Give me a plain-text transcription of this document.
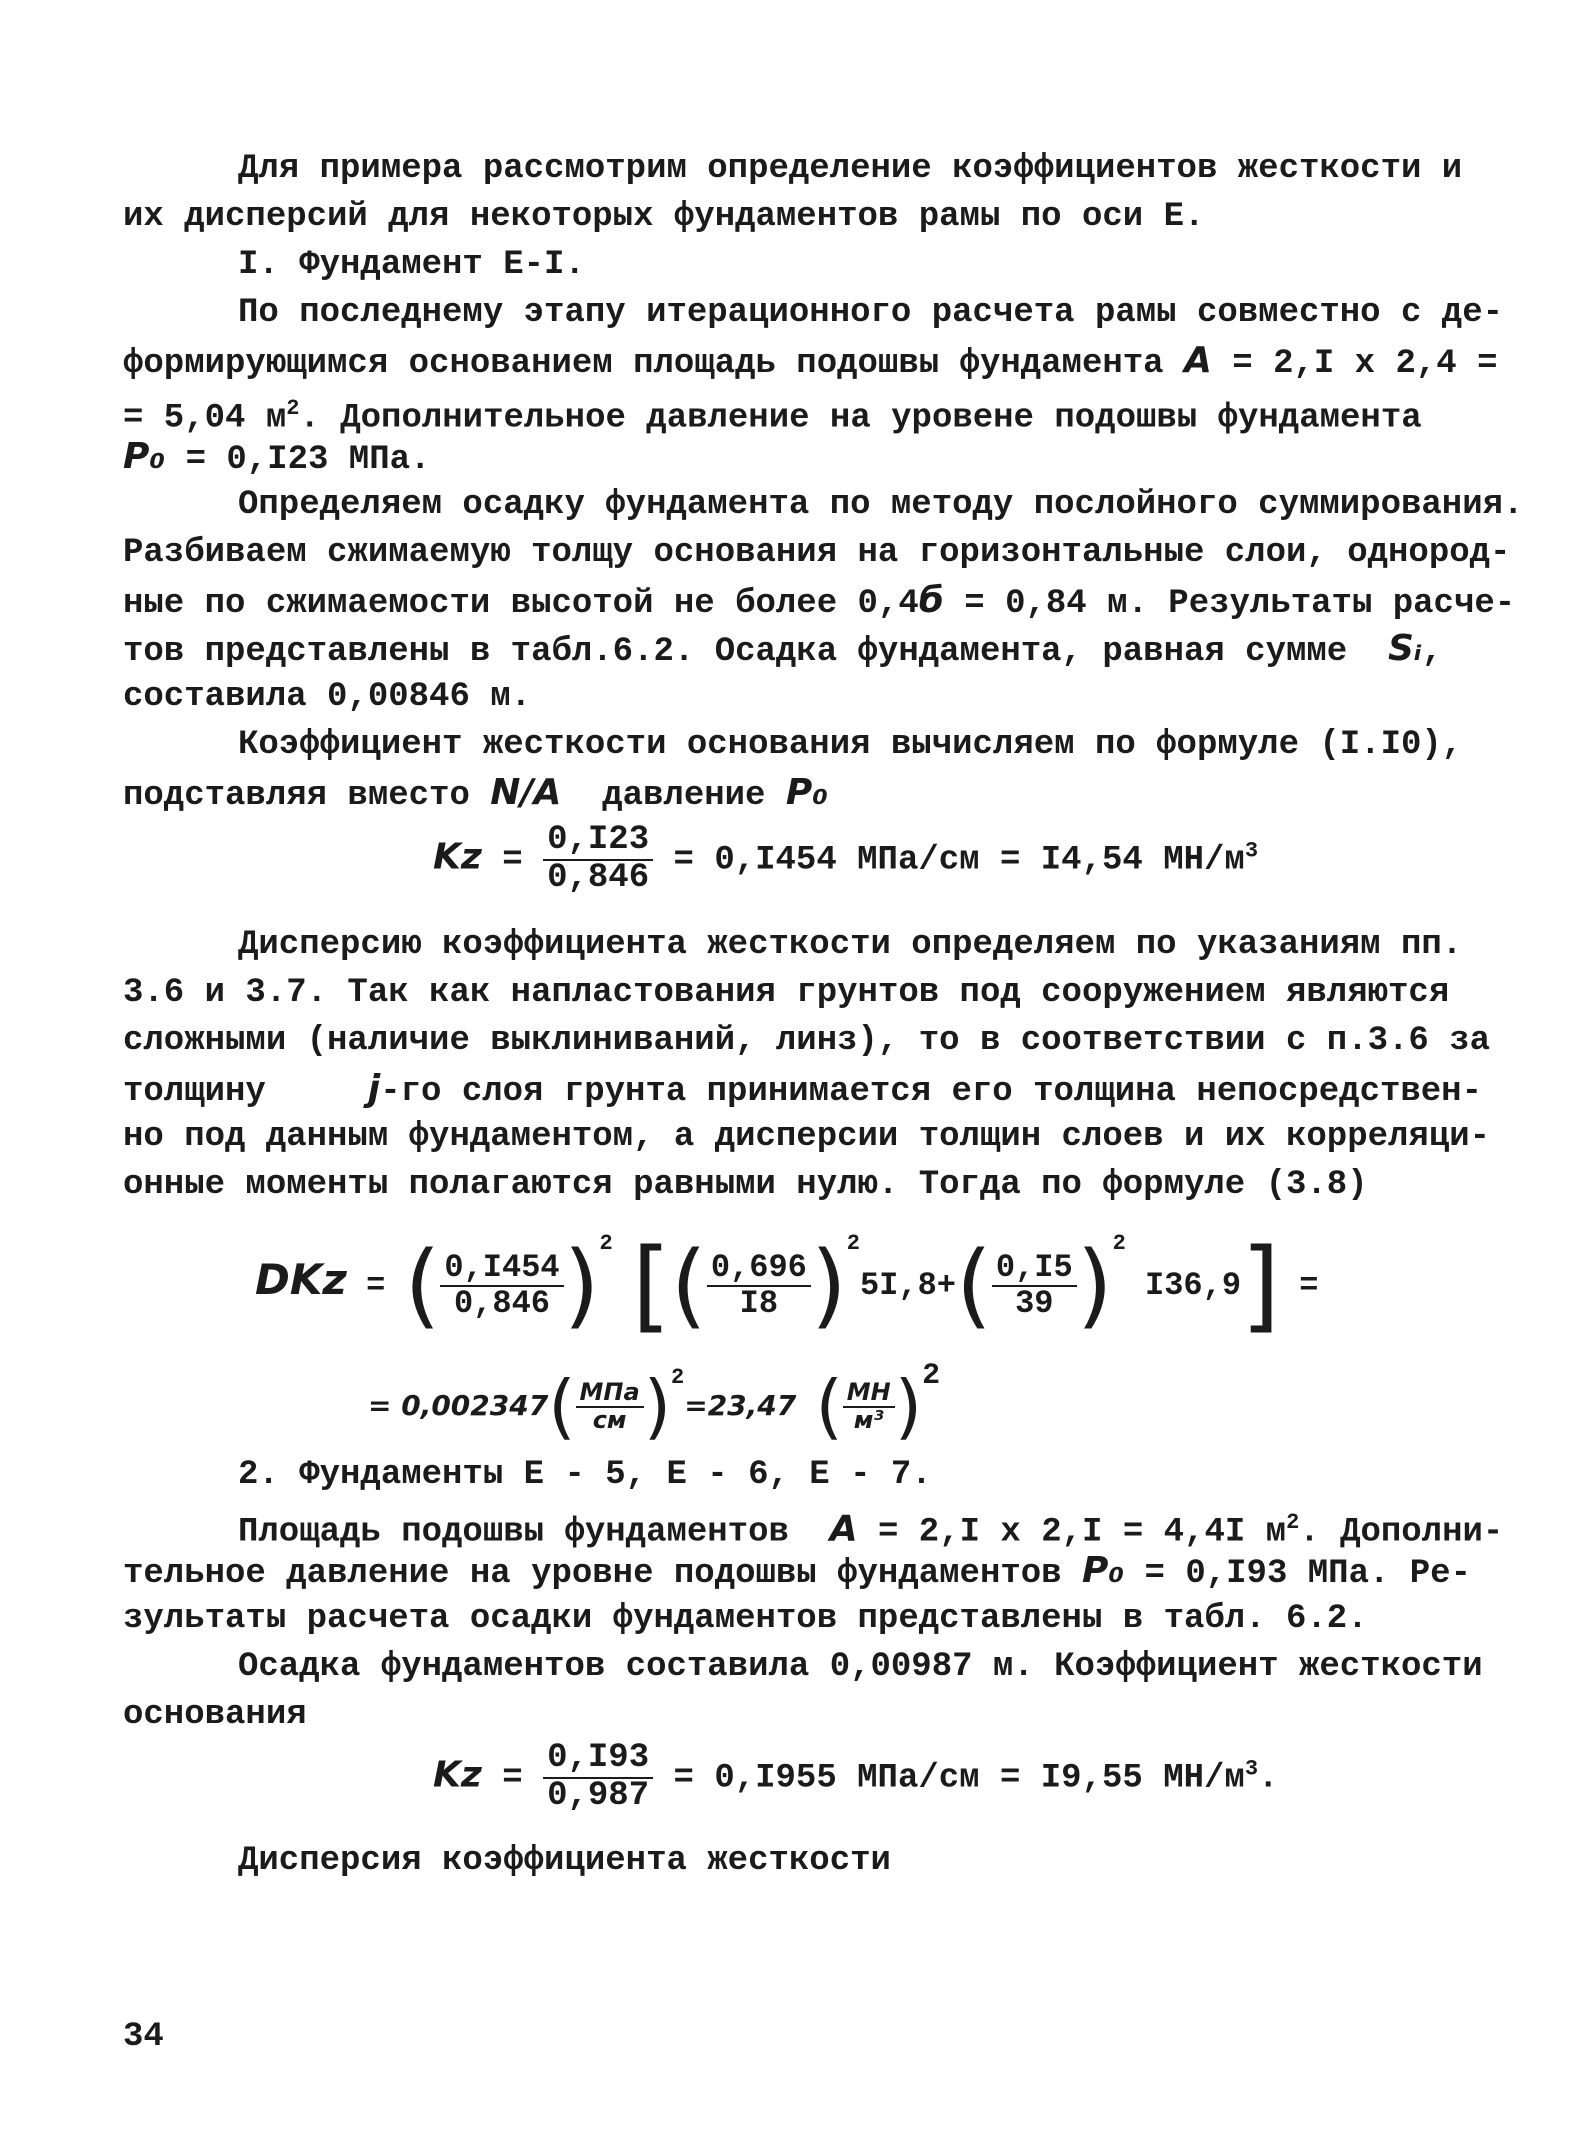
Для примера рассмотрим определение коэффициентов жесткости и
их дисперсий для некоторых фундаментов рамы по оси Е.
I. Фундамент Е-I.
По последнему этапу итерационного расчета рамы совместно с де-
формирующимся основанием площадь подошвы фундамента A = 2,I x 2,4 =
= 5,04 $м^2$. Дополнительное давление на уровене подошвы фундамента
P₀ = 0,I23 МПа.
Определяем осадку фундамента по методу послойного суммирования.
Разбиваем сжимаемую толщу основания на горизонтальные слои, однород-
ные по сжимаемости высотой не более 0,4б = 0,84 м. Результаты расче-
тов представлены в табл.6.2. Осадка фундамента, равная сумме Sᵢ,
составила 0,00846 м.
Коэффициент жесткости основания вычисляем по формуле (I.I0),
подставляя вместо N/A давление P₀
$Kz = \frac{0,I23}{0,846} = 0,I454$ МПа/см = I4,54 $МН/м^3$
Дисперсию коэффициента жесткости определяем по указаниям пп.
3.6 и 3.7. Так как напластования грунтов под сооружением являются
сложными (наличие выклиниваний, линз), то в соответствии с п.3.6 за
толщину	j-го слоя грунта принимается его толщина непосредствен-
но под данным фундаментом, а дисперсии толщин слоев и их корреляци-
онные моменты полагаются равными нулю. Тогда по формуле (3.8)
DKz = ( $\frac{0,I454}{0,846} )^2$ [( $\frac{0,696}{I8} )^25I,8+( \frac{0,I5}{39} )^2$ I36,9] =
= $0,002347( \frac{\text{МПа}}{см} )^2=23,47$ ( $\frac{МН}{\text{м³}} )2$
2. Фундаменты Е - 5, Е - 6, Е - 7.
Площадь подошвы фундаментов A = 2,I x 2,I = 4,4I $м^2$. Дополни-
тельное давление на уровне подошвы фундаментов P₀ = 0,I93 МПа. Ре-
зультаты расчета осадки фундаментов представлены в табл. 6.2.
Осадка фундаментов составила 0,00987 м. Коэффициент жесткости
основания
$Kz = \frac{0,I93}{0,987} = 0,I955$ МПа/см = I9,55 $МН/м^3$.
Дисперсия коэффициента жесткости
34
